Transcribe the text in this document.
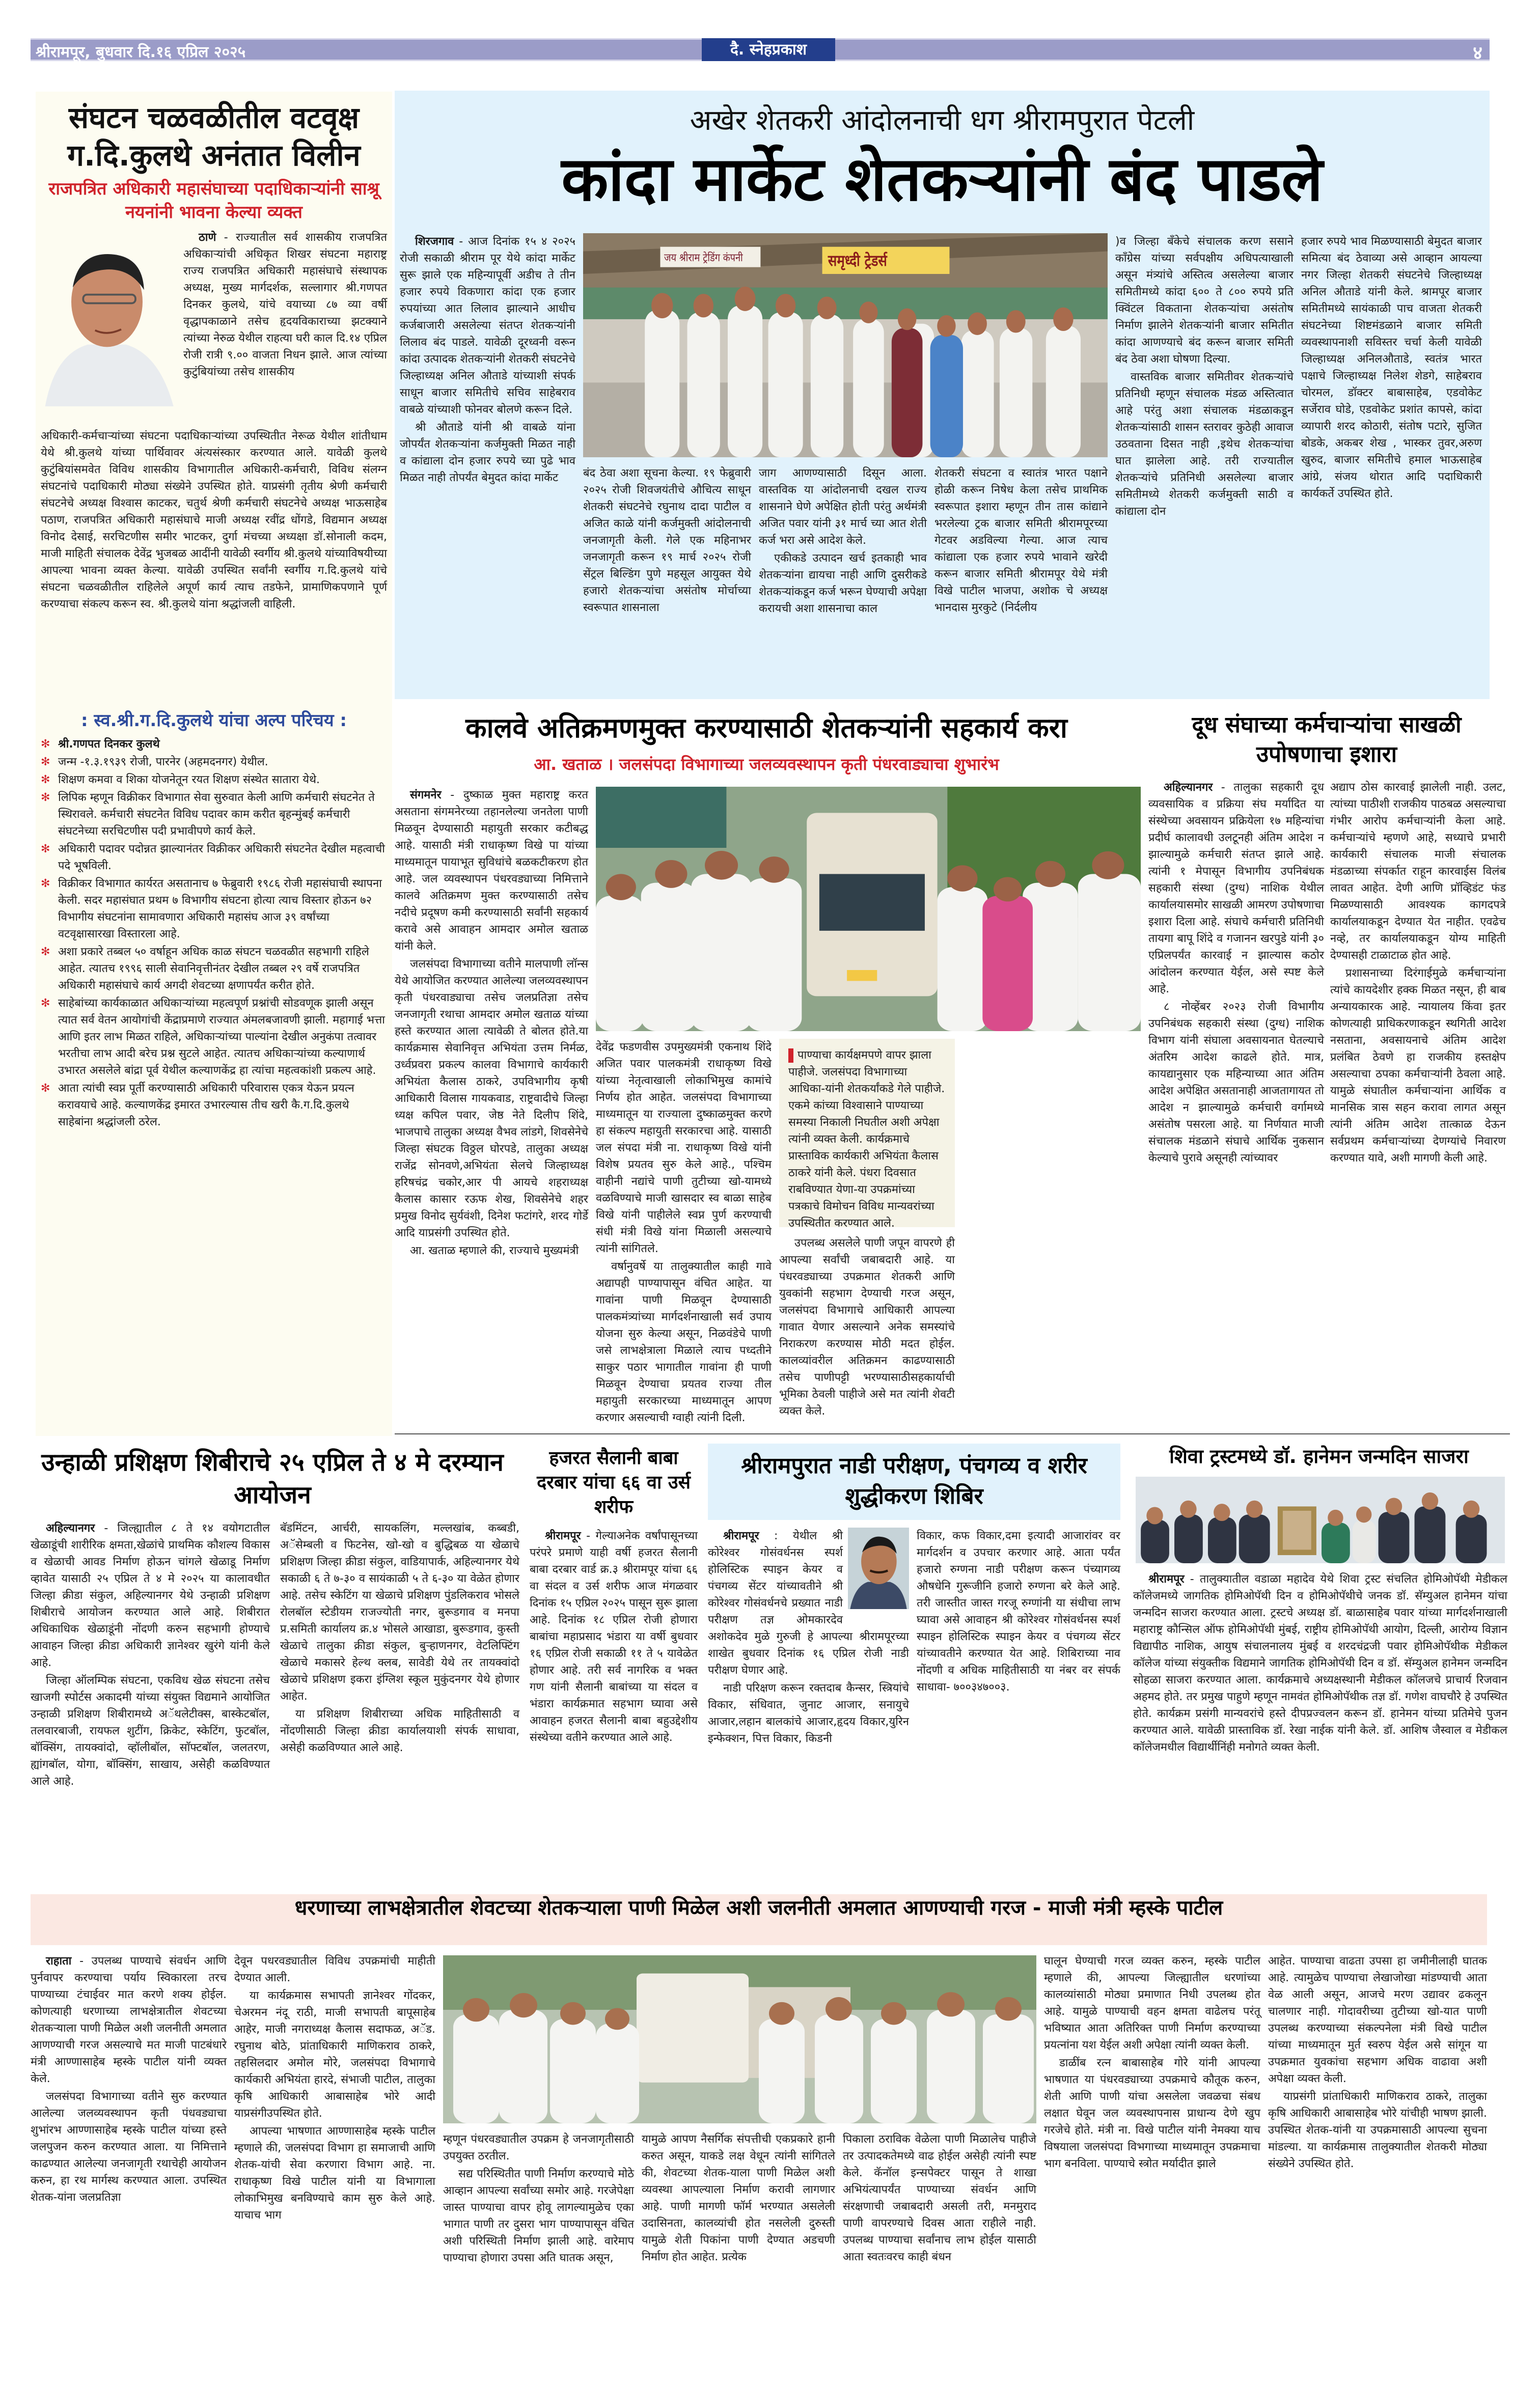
श्रीरामपूर, बुधवार दि.१६ एप्रिल २०२५	दै. स्नेहप्रकाश	४
संघटन चळवळीतील वटवृक्ष ग.दि.कुलथे अनंतात विलीन
राजपत्रित अधिकारी महासंघाच्या पदाधिकाऱ्यांनी साश्रू नयनांनी भावना केल्या व्यक्त

ठाणे - राज्यातील सर्व शासकीय राजपत्रित अधिकाऱ्यांची अधिकृत शिखर संघटना महाराष्ट्र राज्य राजपत्रित अधिकारी महासंघाचे संस्थापक अध्यक्ष, मुख्य मार्गदर्शक, सल्लागार श्री.गणपत दिनकर कुलथे, यांचे वयाच्या ८७ व्या वर्षी वृद्धापकाळाने तसेच हृदयविकाराच्या झटक्याने त्यांच्या नेरुळ येथील राहत्या घरी काल दि.१४ एप्रिल रोजी रात्री ९.०० वाजता निधन झाले. आज त्यांच्या कुटुंबियांच्या तसेच शासकीय

अधिकारी-कर्मचाऱ्यांच्या संघटना पदाधिकाऱ्यांच्या उपस्थितीत नेरूळ येथील शांतीधाम येथे श्री.कुलथे यांच्या पार्थिवावर अंत्यसंस्कार करण्यात आले. यावेळी कुलथे कुटुंबियांसमवेत विविध शासकीय विभागातील अधिकारी-कर्मचारी, विविध संलग्न संघटनांचे पदाधिकारी मोठ्या संख्येने उपस्थित होते. याप्रसंगी तृतीय श्रेणी कर्मचारी संघटनेचे अध्यक्ष विश्वास काटकर, चतुर्थ श्रेणी कर्मचारी संघटनेचे अध्यक्ष भाऊसाहेब पठाण, राजपत्रित अधिकारी महासंघाचे माजी अध्यक्ष रवींद्र धोंगडे, विद्यमान अध्यक्ष विनोद देसाई, सरचिटणीस समीर भाटकर, दुर्गा मंचच्या अध्यक्षा डॉ.सोनाली कदम, माजी माहिती संचालक देवेंद्र भुजबळ आदींनी यावेळी स्वर्गीय श्री.कुलथे यांच्याविषयीच्या आपल्या भावना व्यक्त केल्या. यावेळी उपस्थित सर्वांनी स्वर्गीय ग.दि.कुलथे यांचे संघटना चळवळीतील राहिलेले अपूर्ण कार्य त्याच तडफेने, प्रामाणिकपणाने पूर्ण करण्याचा संकल्प करून स्व. श्री.कुलथे यांना श्रद्धांजली वाहिली.

: स्व.श्री.ग.दि.कुलथे यांचा अल्प परिचय :
✻ श्री.गणपत दिनकर कुलथे
✻ जन्म -१.३.१९३९ रोजी, पारनेर (अहमदनगर) येथील.
✻ शिक्षण कमवा व शिका योजनेतून रयत शिक्षण संस्थेत सातारा येथे.
✻ लिपिक म्हणून विक्रीकर विभागात सेवा सुरुवात केली आणि कर्मचारी संघटनेत ते स्थिरावले. कर्मचारी संघटनेत विविध पदावर काम करीत बृहन्मुंबई कर्मचारी संघटनेच्या सरचिटणीस पदी प्रभावीपणे कार्य केले.
✻ अधिकारी पदावर पदोन्नत झाल्यानंतर विक्रीकर अधिकारी संघटनेत देखील महत्वाची पदे भूषविली.
✻ विक्रीकर विभागात कार्यरत असतानाच ७ फेब्रुवारी १९८६ रोजी महासंघाची स्थापना केली. सदर महासंघात प्रथम ७ विभागीय संघटना होत्या त्याच विस्तार होऊन ७२ विभागीय संघटनांना सामावणारा अधिकारी महासंघ आज ३९ वर्षांच्या वटवृक्षासारखा विस्तारला आहे.
✻ अशा प्रकारे तब्बल ५० वर्षाहून अधिक काळ संघटन चळवळीत सहभागी राहिले आहेत. त्यातच १९९६ साली सेवानिवृत्तीनंतर देखील तब्बल २९ वर्षे राजपत्रित अधिकारी महासंघाचे कार्य अगदी शेवटच्या क्षणापर्यंत करीत होते.
✻ साहेबांच्या कार्यकाळात अधिकाऱ्यांच्या महत्वपूर्ण प्रश्नांची सोडवणूक झाली असून त्यात सर्व वेतन आयोगांची केंद्राप्रमाणे राज्यात अंमलबजावणी झाली. महागाई भत्ता आणि इतर लाभ मिळत राहिले, अधिकाऱ्यांच्या पाल्यांना देखील अनुकंपा तत्वावर भरतीचा लाभ आदी बरेच प्रश्न सुटले आहेत. त्यातच अधिकाऱ्यांच्या कल्याणार्थ उभारत असलेले बांद्रा पूर्व येथील कल्याणकेंद्र हा त्यांचा महत्वकांशी प्रकल्प आहे.
✻ आता त्यांची स्वप्न पूर्ती करण्यासाठी अधिकारी परिवारास एकत्र येऊन प्रयत्न करावयाचे आहे. कल्याणकेंद्र इमारत उभारल्यास तीच खरी कै.ग.दि.कुलथे साहेबांना श्रद्धांजली ठरेल.
अखेर शेतकरी आंदोलनाची धग श्रीरामपुरात पेटली
कांदा मार्केट शेतकऱ्यांनी बंद पाडले

शिरजगाव - आज दिनांक १५ ४ २०२५ रोजी सकाळी श्रीराम पूर येथे कांदा मार्केट सुरू झाले एक महिन्यापूर्वी अडीच ते तीन हजार रुपये विकणारा कांदा एक हजार रुपयांच्या आत लिलाव झाल्याने आधीच कर्जबाजारी असलेल्या संतप्त शेतकऱ्यांनी लिलाव बंद पाडले. यावेळी दूरध्वनी वरून कांदा उत्पादक शेतकऱ्यांनी शेतकरी संघटनेचे जिल्हाध्यक्ष अनिल औताडे यांच्याशी संपर्क साधून बाजार समितीचे सचिव साहेबराव वाबळे यांच्याशी फोनवर बोलणे करून दिले.

श्री औताडे यांनी श्री वाबळे यांना जोपर्यंत शेतकऱ्यांना कर्जमुक्ती मिळत नाही व कांद्याला दोन हजार रुपये च्या पुढे भाव मिळत नाही तोपर्यंत बेमुदत कांदा मार्केट

जय श्रीराम ट्रेडिंग कंपनी	समृध्दी ट्रेडर्स

बंद ठेवा अशा सूचना केल्या. १९ फेब्रुवारी २०२५ रोजी शिवजयंतीचे औचित्य साधून शेतकरी संघटनेचे रघुनाथ दादा पाटील व अजित काळे यांनी कर्जमुक्ती आंदोलनाची जनजागृती केली. गेले एक महिनाभर जनजागृती करून १९ मार्च २०२५ रोजी सेंट्रल बिल्डिंग पुणे महसूल आयुक्त येथे हजारो शेतकऱ्यांचा असंतोष मोर्चाच्या स्वरूपात शासनाला

जाग आणण्यासाठी दिसून आला. वास्तविक या आंदोलनाची दखल राज्य शासनाने घेणे अपेक्षित होती परंतु अर्थमंत्री अजित पवार यांनी ३१ मार्च च्या आत शेती कर्ज भरा असे आदेश केले.

एकीकडे उत्पादन खर्च इतकाही भाव शेतकऱ्यांना द्यायचा नाही आणि दुसरीकडे शेतकऱ्यांकडून कर्ज भरून घेण्याची अपेक्षा करायची अशा शासनाचा काल

शेतकरी संघटना व स्वातंत्र भारत पक्षाने होळी करून निषेध केला तसेच प्राथमिक स्वरूपात इशारा म्हणून तीन तास कांद्याने भरलेल्या ट्रक बाजार समिती श्रीरामपूरच्या गेटवर अडविल्या गेल्या. आज त्याच कांद्याला एक हजार रुपये भावाने खरेदी करून बाजार समिती श्रीरामपूर येथे मंत्री विखे पाटील भाजपा, अशोक चे अध्यक्ष भानदास मुरकुटे (निर्दलीय

)व जिल्हा बँकेचे संचालक करण ससाने काँग्रेस यांच्या सर्वपक्षीय अधिपत्याखाली असून मंत्र्यांचे अस्तित्व असलेल्या बाजार समितीमध्ये कांदा ६०० ते ८०० रुपये प्रति क्विंटल विकताना शेतकऱ्यांचा असंतोष निर्माण झालेने शेतकऱ्यांनी बाजार समितीत कांदा आणण्याचे बंद करून बाजार समिती बंद ठेवा अशा घोषणा दिल्या.

वास्तविक बाजार समितीवर शेतकऱ्यांचे प्रतिनिधी म्हणून संचालक मंडळ अस्तित्वात आहे परंतु अशा संचालक मंडळाकडून शेतकऱ्यांसाठी शासन स्तरावर कुठेही आवाज उठवताना दिसत नाही ,इथेच शेतकऱ्यांचा घात झालेला आहे. तरी राज्यातील शेतकऱ्यांचे प्रतिनिधी असलेल्या बाजार समितीमध्ये शेतकरी कर्जमुक्ती साठी व कांद्याला दोन

हजार रुपये भाव मिळण्यासाठी बेमुदत बाजार समित्या बंद ठेवाव्या असे आव्हान आयल्या नगर जिल्हा शेतकरी संघटनेचे जिल्हाध्यक्ष अनिल औताडे यांनी केले. श्रामपूर बाजार समितीमध्ये सायंकाळी पाच वाजता शेतकरी संघटनेच्या शिष्टमंडळाने बाजार समिती व्यवस्थापनाशी सविस्तर चर्चा केली यावेळी जिल्हाध्यक्ष अनिलऔताडे, स्वतंत्र भारत पक्षाचे जिल्हाध्यक्ष निलेश शेडगे, साहेबराव चोरमल, डॉक्टर बाबासाहेब, एडवोकेट सर्जेराव घोडे, एडवोकेट प्रशांत कापसे, कांदा व्यापारी शरद कोठारी, संतोष पटारे, सुजित बोडके, अकबर शेख , भास्कर तुवर,अरुण खुरुद, बाजार समितीचे हमाल भाऊसाहेब आंग्रे, संजय थोरात आदि पदाधिकारी कार्यकर्ते उपस्थित होते.

कालवे अतिक्रमणमुक्त करण्यासाठी शेतकऱ्यांनी सहकार्य करा
आ. खताळ । जलसंपदा विभागाच्या जलव्यवस्थापन कृती पंधरवाड्याचा शुभारंभ

संगमनेर - दुष्काळ मुक्त महाराष्ट्र करत असताना संगमनेरच्या तहानलेल्या जनतेला पाणी मिळवून देण्यासाठी महायुती सरकार कटीबद्ध आहे. यासाठी मंत्री राधाकृष्ण विखे पा यांच्या माध्यमातून पायाभूत सुविधांचे बळकटीकरण होत आहे. जल व्यवस्थापन पंधरवड्याच्या निमित्ताने कालवे अतिक्रमण मुक्त करण्यासाठी तसेच नदीचे प्रदूषण कमी करण्यासाठी सर्वांनी सहकार्य करावे असे आवाहन आमदार अमोल खताळ यांनी केले.

जलसंपदा विभागाच्या वतीने मालपाणी लॉन्स येथे आयोजित करण्यात आलेल्या जलव्यवस्थापन कृती पंधरवाड्याचा तसेच जलप्रतिज्ञा तसेच जनजागृती रथाचा आमदार अमोल खताळ यांच्या हस्ते करण्यात आला त्यावेळी ते बोलत होते.या कार्यक्रमास सेवानिवृत्त अभियंता उत्तम निर्मळ, उर्ध्वप्रवरा प्रकल्प कालवा विभागाचे कार्यकारी अभियंता कैलास ठाकरे, उपविभागीय कृषी आधिकारी विलास गायकवाड, राष्ट्रवादीचे जिल्हा ध्यक्ष कपिल पवार, जेष्ठ नेते दिलीप शिंदे, भाजपाचे तालुका अध्यक्ष वैभव लांडगे, शिवसेनेचे जिल्हा संघटक विठ्ठल घोरपडे, तालुका अध्यक्ष राजेंद्र सोनवणे,अभियंता सेलचे जिल्हाध्यक्ष हरिषचंद्र चकोर,आर पी आयचे शहराध्यक्ष कैलास कासार रऊफ शेख, शिवसेनेचे शहर प्रमुख विनोद सुर्यवंशी, दिनेश फटांगरे, शरद गोर्डे आदि याप्रसंगी उपस्थित होते.

आ. खताळ म्हणाले की, राज्याचे मुख्यमंत्री

देवेंद्र फडणवीस उपमुख्यमंत्री एकनाथ शिंदे अजित पवार पालकमंत्री राधाकृष्ण विखे यांच्या नेतृत्वाखाली लोकाभिमुख कामांचे निर्णय होत आहेत. जलसंपदा विभागाच्या माध्यमातून या राज्याला दुष्काळमुक्त करणे हा संकल्प महायुती सरकारचा आहे. यासाठी जल संपदा मंत्री ना. राधाकृष्ण विखे यांनी विशेष प्रयतव सुरु केले आहे., पश्चिम वाहीनी नद्यांचे पाणी तुटीच्या खो-यामध्ये वळविण्याचे माजी खासदार स्व बाळा साहेब विखे यांनी पाहीलेले स्वप्न पुर्ण करण्याची संधी मंत्री विखे यांना मिळाली असल्याचे त्यांनी सांगितले.

वर्षानुवर्षे या तालुक्यातील काही गावे अद्यापही पाण्यापासून वंचित आहेत. या गावांना पाणी मिळवून देण्यासाठी पालकमंत्र्यांच्या मार्गदर्शनाखाली सर्व उपाय योजना सुरु केल्या असून, निळवंडेचे पाणी जसे लाभक्षेत्राला मिळाले त्याच पध्दतीने साकुर पठार भागातील गावांना ही पाणी मिळवून देण्याचा प्रयतव राज्या तील महायुती सरकारच्या माध्यमातून आपण करणार असल्याची ग्वाही त्यांनी दिली.

पाण्याचा कार्यक्षमपणे वापर झाला पाहीजे. जलसंपदा विभागाच्या आधिका-यांनी शेतकर्यांकडे गेले पाहीजे. एकमे कांच्या विश्वासाने पाण्याच्या समस्या निकाली निघतील अशी अपेक्षा त्यांनी व्यक्त केली. कार्यक्रमाचे प्रास्ताविक कार्यकारी अभियंता कैलास ठाकरे यांनी केले. पंधरा दिवसात राबविण्यात येणा-या उपक्रमांच्या पत्रकाचे विमोचन विविध मान्यवरांच्या उपस्थितीत करण्यात आले.

उपलब्ध असलेले पाणी जपून वापरणे ही आपल्या सर्वांची जबाबदारी आहे. या पंधरवड्याच्या उपक्रमात शेतकरी आणि युवकांनी सहभाग देण्याची गरज असून, जलसंपदा विभागाचे आधिकारी आपल्या गावात येणार असल्याने अनेक समस्यांचे निराकरण करण्यास मोठी मदत होईल. कालव्यांवरील अतिक्रमन काढण्यासाठी तसेच पाणीपट्टी भरण्यासाठीसहकार्याची भूमिका ठेवली पाहीजे असे मत त्यांनी शेवटी व्यक्त केले.

दूध संघाच्या कर्मचाऱ्यांचा साखळी उपोषणाचा इशारा

अहिल्यानगर - तालुका सहकारी दूध व्यवसायिक व प्रक्रिया संघ मर्यादित या संस्थेच्या अवसायन प्रक्रियेला १७ महिन्यांचा प्रदीर्घ कालावधी उलटूनही अंतिम आदेश न झाल्यामुळे कर्मचारी संतप्त झाले आहे. त्यांनी १ मेपासून विभागीय उपनिबंधक सहकारी संस्था (दुग्ध) नाशिक येथील कार्यालयासमोर साखळी आमरण उपोषणाचा इशारा दिला आहे. संघाचे कर्मचारी प्रतिनिधी तायगा बापू शिंदे व गजानन खरपुडे यांनी ३० एप्रिलपर्यंत कारवाई न झाल्यास कठोर आंदोलन करण्यात येईल, असे स्पष्ट केले आहे.

८ नोव्हेंबर २०२३ रोजी विभागीय उपनिबंधक सहकारी संस्था (दुग्ध) नाशिक विभाग यांनी संघाला अवसायनात घेतल्याचे अंतरिम आदेश काढले होते. मात्र, कायद्यानुसार एक महिन्याच्या आत अंतिम आदेश अपेक्षित असतानाही आजतागायत तो आदेश न झाल्यामुळे कर्मचारी वर्गामध्ये असंतोष पसरला आहे. या निर्णयात माजी संचालक मंडळाने संघाचे आर्थिक नुकसान केल्याचे पुरावे असूनही त्यांच्यावर

अद्याप ठोस कारवाई झालेली नाही. उलट, त्यांच्या पाठीशी राजकीय पाठबळ असल्याचा गंभीर आरोप कर्मचाऱ्यांनी केला आहे. कर्मचाऱ्यांचे म्हणणे आहे, सध्याचे प्रभारी कार्यकारी संचालक माजी संचालक मंडळाच्या संपर्कात राहून कारवाईस विलंब लावत आहेत. देणी आणि प्रॉव्हिडंट फंड मिळण्यासाठी आवश्यक कागदपत्रे कार्यालयाकडून देण्यात येत नाहीत. एवढेच नव्हे, तर कार्यालयाकडून योग्य माहिती देण्यासही टाळाटाळ होत आहे.

प्रशासनाच्या दिरंगाईमुळे कर्मचाऱ्यांना त्यांचे कायदेशीर हक्क मिळत नसून, ही बाब अन्यायकारक आहे. न्यायालय किंवा इतर कोणत्याही प्राधिकरणाकडून स्थगिती आदेश नसताना, अवसायनाचे अंतिम आदेश प्रलंबित ठेवणे हा राजकीय हस्तक्षेप असल्याचा ठपका कर्मचाऱ्यांनी ठेवला आहे. यामुळे संघातील कर्मचाऱ्यांना आर्थिक व मानसिक त्रास सहन करावा लागत असून त्यांनी अंतिम आदेश तात्काळ देऊन सर्वप्रथम कर्मचाऱ्यांच्या देणग्यांचे निवारण करण्यात यावे, अशी मागणी केली आहे.

उन्हाळी प्रशिक्षण शिबीराचे २५ एप्रिल ते ४ मे दरम्यान आयोजन

अहिल्यानगर - जिल्ह्यातील ८ ते १४ वयोगटातील खेळाडूंची शारीरिक क्षमता,खेळांचे प्राथमिक कौशल्य विकास व खेळाची आवड निर्माण होऊन चांगले खेळाडू निर्माण व्हावेत यासाठी २५ एप्रिल ते ४ मे २०२५ या कालावधीत जिल्हा क्रीडा संकुल, अहिल्यानगर येथे उन्हाळी प्रशिक्षण शिबीराचे आयोजन करण्यात आले आहे. शिबीरात अधिकाधिक खेळाडूंनी नोंदणी करुन सहभागी होण्याचे आवाहन जिल्हा क्रीडा अधिकारी ज्ञानेश्वर खुरंगे यांनी केले आहे.

जिल्हा ऑलम्पिक संघटना, एकविध खेळ संघटना तसेच खाजगी स्पोर्टस अकादमी यांच्या संयुक्त विद्यमाने आयोजित उन्हाळी प्रशिक्षण शिबीरामध्ये अॅथलेटीक्स, बास्केटबॉल, तलवारबाजी, रायफल शुटींग, क्रिकेट, स्केटिंग, फुटबॉल, बॉक्सिंग, तायक्वांदो, व्हॉलीबॉल, साॅफ्टबॉल, जलतरण, ह्यांगबॉल, योगा, बॉक्सिंग, साखाय, असेही कळविण्यात आले आहे.

बॅडमिंटन, आर्चरी, सायकलिंग, मल्लखांब, कब्बडी, अॅसेम्बली व फिटनेस, खो-खो व बुद्धिबळ या खेळाचे प्रशिक्षण जिल्हा क्रीडा संकुल, वाडियापार्क, अहिल्यानगर येथे सकाळी ६ ते ७-३० व सायंकाळी ५ ते ६-३० या वेळेत होणार आहे. तसेच स्केटिंग या खेळाचे प्रशिक्षण पुंडलिकराव भोसले रोलबॉल स्टेडीयम राजज्योती नगर, बुरूडगाव व मनपा प्र.समिती कार्यालय क्र.४ भोसले आखाडा, बुरूडगाव, कुस्ती खेळाचे तालुका क्रीडा संकुल, बुऱ्हाणनगर, वेटलिफ्टिंग खेळाचे मकासरे हेल्थ क्लब, सावेडी येथे तर तायक्वांदो खेळाचे प्रशिक्षण इकरा इंग्लिश स्कूल मुकुंदनगर येथे होणार आहेत.

या प्रशिक्षण शिबीराच्या अधिक माहितीसाठी व नोंदणीसाठी जिल्हा क्रीडा कार्यालयाशी संपर्क साधावा, असेही कळविण्यात आले आहे.

हजरत सैलानी बाबा दरबार यांचा ६६ वा उर्स शरीफ

श्रीरामपूर - गेल्याअनेक वर्षांपासूनच्या परंपरे प्रमाणे याही वर्षी हजरत सैलानी बाबा दरबार वार्ड क्र.३ श्रीरामपूर यांचा ६६ वा संदल व उर्स शरीफ आज मंगळवार दिनांक १५ एप्रिल २०२५ पासून सुरू झाला आहे. दिनांक १८ एप्रिल रोजी होणारा बाबांचा महाप्रसाद भंडारा या वर्षी बुधवार १६ एप्रिल रोजी सकाळी ११ ते ५ यावेळेत होणार आहे. तरी सर्व नागरिक व भक्त गण यांनी सैलानी बाबांच्या या संदल व भंडारा कार्यक्रमात सहभाग घ्यावा असे आवाहन हजरत सैलानी बाबा बहुउद्देशीय संस्थेच्या वतीने करण्यात आले आहे.

श्रीरामपुरात नाडी परीक्षण, पंचगव्य व शरीर शुद्धीकरण शिबिर

श्रीरामपूर : येथील श्री कोरेश्वर गोसंवर्धनस स्पर्श होलिस्टिक स्पाइन केयर व पंचगव्य सेंटर यांच्यावतीने श्री कोरेश्वर गोसंवर्धनचे प्रख्यात नाडी परीक्षण तज्ञ ओमकारदेव अशोकदेव मुळे गुरुजी हे आपल्या श्रीरामपूरच्या शाखेत बुधवार दिनांक १६ एप्रिल रोजी नाडी परीक्षण घेणार आहे.

नाडी परिक्षण करून रक्तदाब कैन्सर, स्त्रियांचे विकार, संधिवात, जुनाट आजार, सनायुचे आजार,लहान बालकांचे आजार,हृदय विकार,युरिन इन्फेक्शन, पित्त विकार, किडनी

विकार, कफ विकार,दमा इत्यादी आजारांवर वर मार्गदर्शन व उपचार करणार आहे. आता पर्यंत हजारो रुग्णना नाडी परीक्षण करून पंच्यागव्य औषधेनि गुरूजीनि हजारो रुग्णना बरे केले आहे. तरी जास्तीत जास्त गरजू रुग्णांनी या संधीचा लाभ घ्यावा असे आवाहन श्री कोरेश्वर गोसंवर्धनस स्पर्श स्पाइन होलिस्टिक स्पाइन केयर व पंचगव्य सेंटर यांच्यावतीने करण्यात येत आहे. शिबिराच्या नाव नोंदणी व अधिक माहितीसाठी या नंबर वर संपर्क साधावा- ७००३४७००३.

शिवा ट्रस्टमध्ये डॉ. हानेमन जन्मदिन साजरा

श्रीरामपूर - तालुक्यातील वडाळा महादेव येथे शिवा ट्रस्ट संचलित होमिओपॅथी मेडीकल कॉलेजमध्ये जागतिक होमिओपॅथी दिन व होमिओपॅथीचे जनक डॉ. सॅम्युअल हानेमन यांचा जन्मदिन साजरा करण्यात आला. ट्रस्टचे अध्यक्ष डॉ. बाळासाहेब पवार यांच्या मार्गदर्शनाखाली महाराष्ट्र कौन्सिल ऑफ होमिओपॅथी मुंबई, राष्ट्रीय होमिओपॅथी आयोग, दिल्ली, आरोग्य विज्ञान विद्यापीठ नाशिक, आयुष संचालनालय मुंबई व शरदचंद्रजी पवार होमिओपॅथीक मेडीकल कॉलेज यांच्या संयुक्तीक विद्यमाने जागतिक होमिओपॅथी दिन व डॉ. सॅम्युअल हानेमन जन्मदिन सोहळा साजरा करण्यात आला. कार्यक्रमाचे अध्यक्षस्थानी मेडीकल कॉलजचे प्राचार्य रिजवान अहमद होते. तर प्रमुख पाहुणे म्हणून नामवंत होमिओपॅथीक तज्ञ डॉ. गणेश वाघचौरे हे उपस्थित होते. कार्यक्रम प्रसंगी मान्यवरांचे हस्ते दीपप्रज्वलन करून डॉ. हानेमन यांच्या प्रतिमेचे पुजन करण्यात आले. यावेळी प्रास्ताविक डॉ. रेखा नाईक यांनी केले. डॉ. आशिष जैस्वाल व मेडीकल कॉलेजमधील विद्यार्थीनिंही मनोगते व्यक्त केली.

धरणाच्या लाभक्षेत्रातील शेवटच्या शेतकऱ्याला पाणी मिळेल अशी जलनीती अमलात आणण्याची गरज - माजी मंत्री म्हस्के पाटील

राहाता - उपलब्ध पाण्याचे संवर्धन आणि पुर्नवापर करण्याचा पर्याय स्विकारला तरच पाण्याच्या टंचाईवर मात करणे शक्य होईल. कोणत्याही धरणाच्या लाभक्षेत्रातील शेवटच्या शेतकऱ्याला पाणी मिळेल अशी जलनीती अमलात आणण्याची गरज असल्याचे मत माजी पाटबंधारे मंत्री आण्णासाहेब म्हस्के पाटील यांनी व्यक्त केले.

जलसंपदा विभागाच्या वतीने सुरु करण्यात आलेल्या जलव्यवस्थापन कृती पंधवड्याचा शुभांरभ आण्णासाहेब म्हस्के पाटील यांच्या हस्ते जलपुजन करुन करण्यात आला. या निमित्ताने काढण्यात आलेल्या जनजागृती रथाचेही आयोजन करुन, हा रथ मार्गस्थ करण्यात आला. उपस्थित शेतक-यांना जलप्रतिज्ञा

देवून पधरवड्यातील विविध उपक्रमांची माहीती देण्यात आली.

या कार्यक्रमास सभापती ज्ञानेश्वर गोंदकर, चेअरमन नंदू राठी, माजी सभापती बापूसाहेब आहेर, माजी नगराध्यक्ष कैलास सदाफळ, अॅड. रघुनाथ बोठे, प्रांताधिकारी माणिकराव ठाकरे, तहसिलदार अमोल मोरे, जलसंपदा विभागाचे कार्यकारी अभियंता हारदे, संभाजी पाटील, तालुका कृषि आधिकारी आबासाहेब भोरे आदी याप्रसंगीउपस्थित होते.

आपल्या भाषणात आण्णासाहेब म्हस्के पाटील म्हणाले की, जलसंपदा विभाग हा समाजाची आणि शेतक-यांची सेवा करणारा विभाग आहे. ना. राधाकृष्ण विखे पाटील यांनी या विभागाला लोकाभिमुख बनविण्याचे काम सुरु केले आहे. याचाच भाग

म्हणून पंधरवड्यातील उपक्रम हे जनजागृतीसाठी उपयुक्त ठरतील.

सद्य परिस्थितीत पाणी निर्माण करण्याचे मोठे आव्हान आपल्या सर्वांच्या समोर आहे. गरजेपेक्षा जास्त पाण्याचा वापर होवू लागल्यामुळेच एका भागात पाणी तर दुसरा भाग पाण्यापासून वंचित अशी परिस्थिती निर्माण झाली आहे. वारेमाप पाण्याचा होणारा उपसा अति घातक असून,

यामुळे आपण नैसर्गिक संपत्तीची एकप्रकारे हानी करुत असून, याकडे लक्ष वेधून त्यांनी सांगितले की, शेवटच्या शेतक-याला पाणी मिळेल अशी व्यवस्था आपल्याला निर्माण करावी लागणार आहे. पाणी मागणी फॉर्म भरण्यात असलेली उदासिनता, कालव्यांची होत नसलेली दुरुस्ती यामुळे शेती पिकांना पाणी देण्यात अडचणी निर्माण होत आहेत. प्रत्येक

पिकाला ठराविक वेळेला पाणी मिळालेच पाहीजे तर उत्पादकतेमध्ये वाढ होईल असेही त्यांनी स्पष्ट केले. कॅनॉल इन्सपेक्टर पासून ते शाखा अभियंत्यापर्यंत पाण्याच्या संवर्धन आणि संरक्षणाची जबाबदारी असली तरी, मनमुराद पाणी वापरण्याचे दिवस आता राहीले नाही. उपलब्ध पाण्याचा सर्वांनाच लाभ होईल यासाठी आता स्वतःवरच काही बंधन

घालून घेण्याची गरज व्यक्त करुन, म्हस्के पाटील म्हणाले की, आपल्या जिल्ह्यातील धरणांच्या कालव्यांसाठी मोठ्या प्रमाणात निधी उपलब्ध होत आहे. यामुळे पाण्याची वहन क्षमता वाढेलच परंतू भविष्यात आता अतिरिक्त पाणी निर्माण करण्याच्या प्रयत्नांना यश येईल अशी अपेक्षा त्यांनी व्यक्त केली.

डाळींब रत्न बाबासाहेब गोरे यांनी आपल्या भाषणात या पंधरवड्याच्या उपक्रमाचे कौतूक करुन, शेती आणि पाणी यांचा असलेला जवळचा संबध लक्षात घेवून जल व्यवस्थापनास प्राधान्य देणे खुप गरजेचे होते. मंत्री ना. विखे पाटील यांनी नेमक्या याच विषयाला जलसंपदा विभगाच्या माध्यमातून उपक्रमाचा भाग बनविला. पाण्याचे स्त्रोत मर्यादीत झाले

आहेत. पाण्याचा वाढता उपसा हा जमीनीलाही घातक आहे. त्यामुळेच पाण्याचा लेखाजोखा मांडण्याची आता वेळ आली असून, आजचे मरण उद्यावर ढकलून चालणार नाही. गोदावरीच्या तुटीच्या खो-यात पाणी उपलब्ध करण्याच्या संकल्पनेला मंत्री विखे पाटील यांच्या माध्यमातून मुर्त स्वरुप येईल असे सांगून या उपक्रमात युवकांचा सहभाग अधिक वाढावा अशी अपेक्षा व्यक्त केली.

याप्रसंगी प्रांताधिकारी माणिकराव ठाकरे, तालुका कृषि आधिकारी आबासाहेब भोरे यांचीही भाषण झाली. उपस्थित शेतक-यांनी या उपक्रमासाठी आपल्या सुचना मांडल्या. या कार्यक्रमास तालुक्यातील शेतकरी मोठ्या संख्येने उपस्थित होते.
